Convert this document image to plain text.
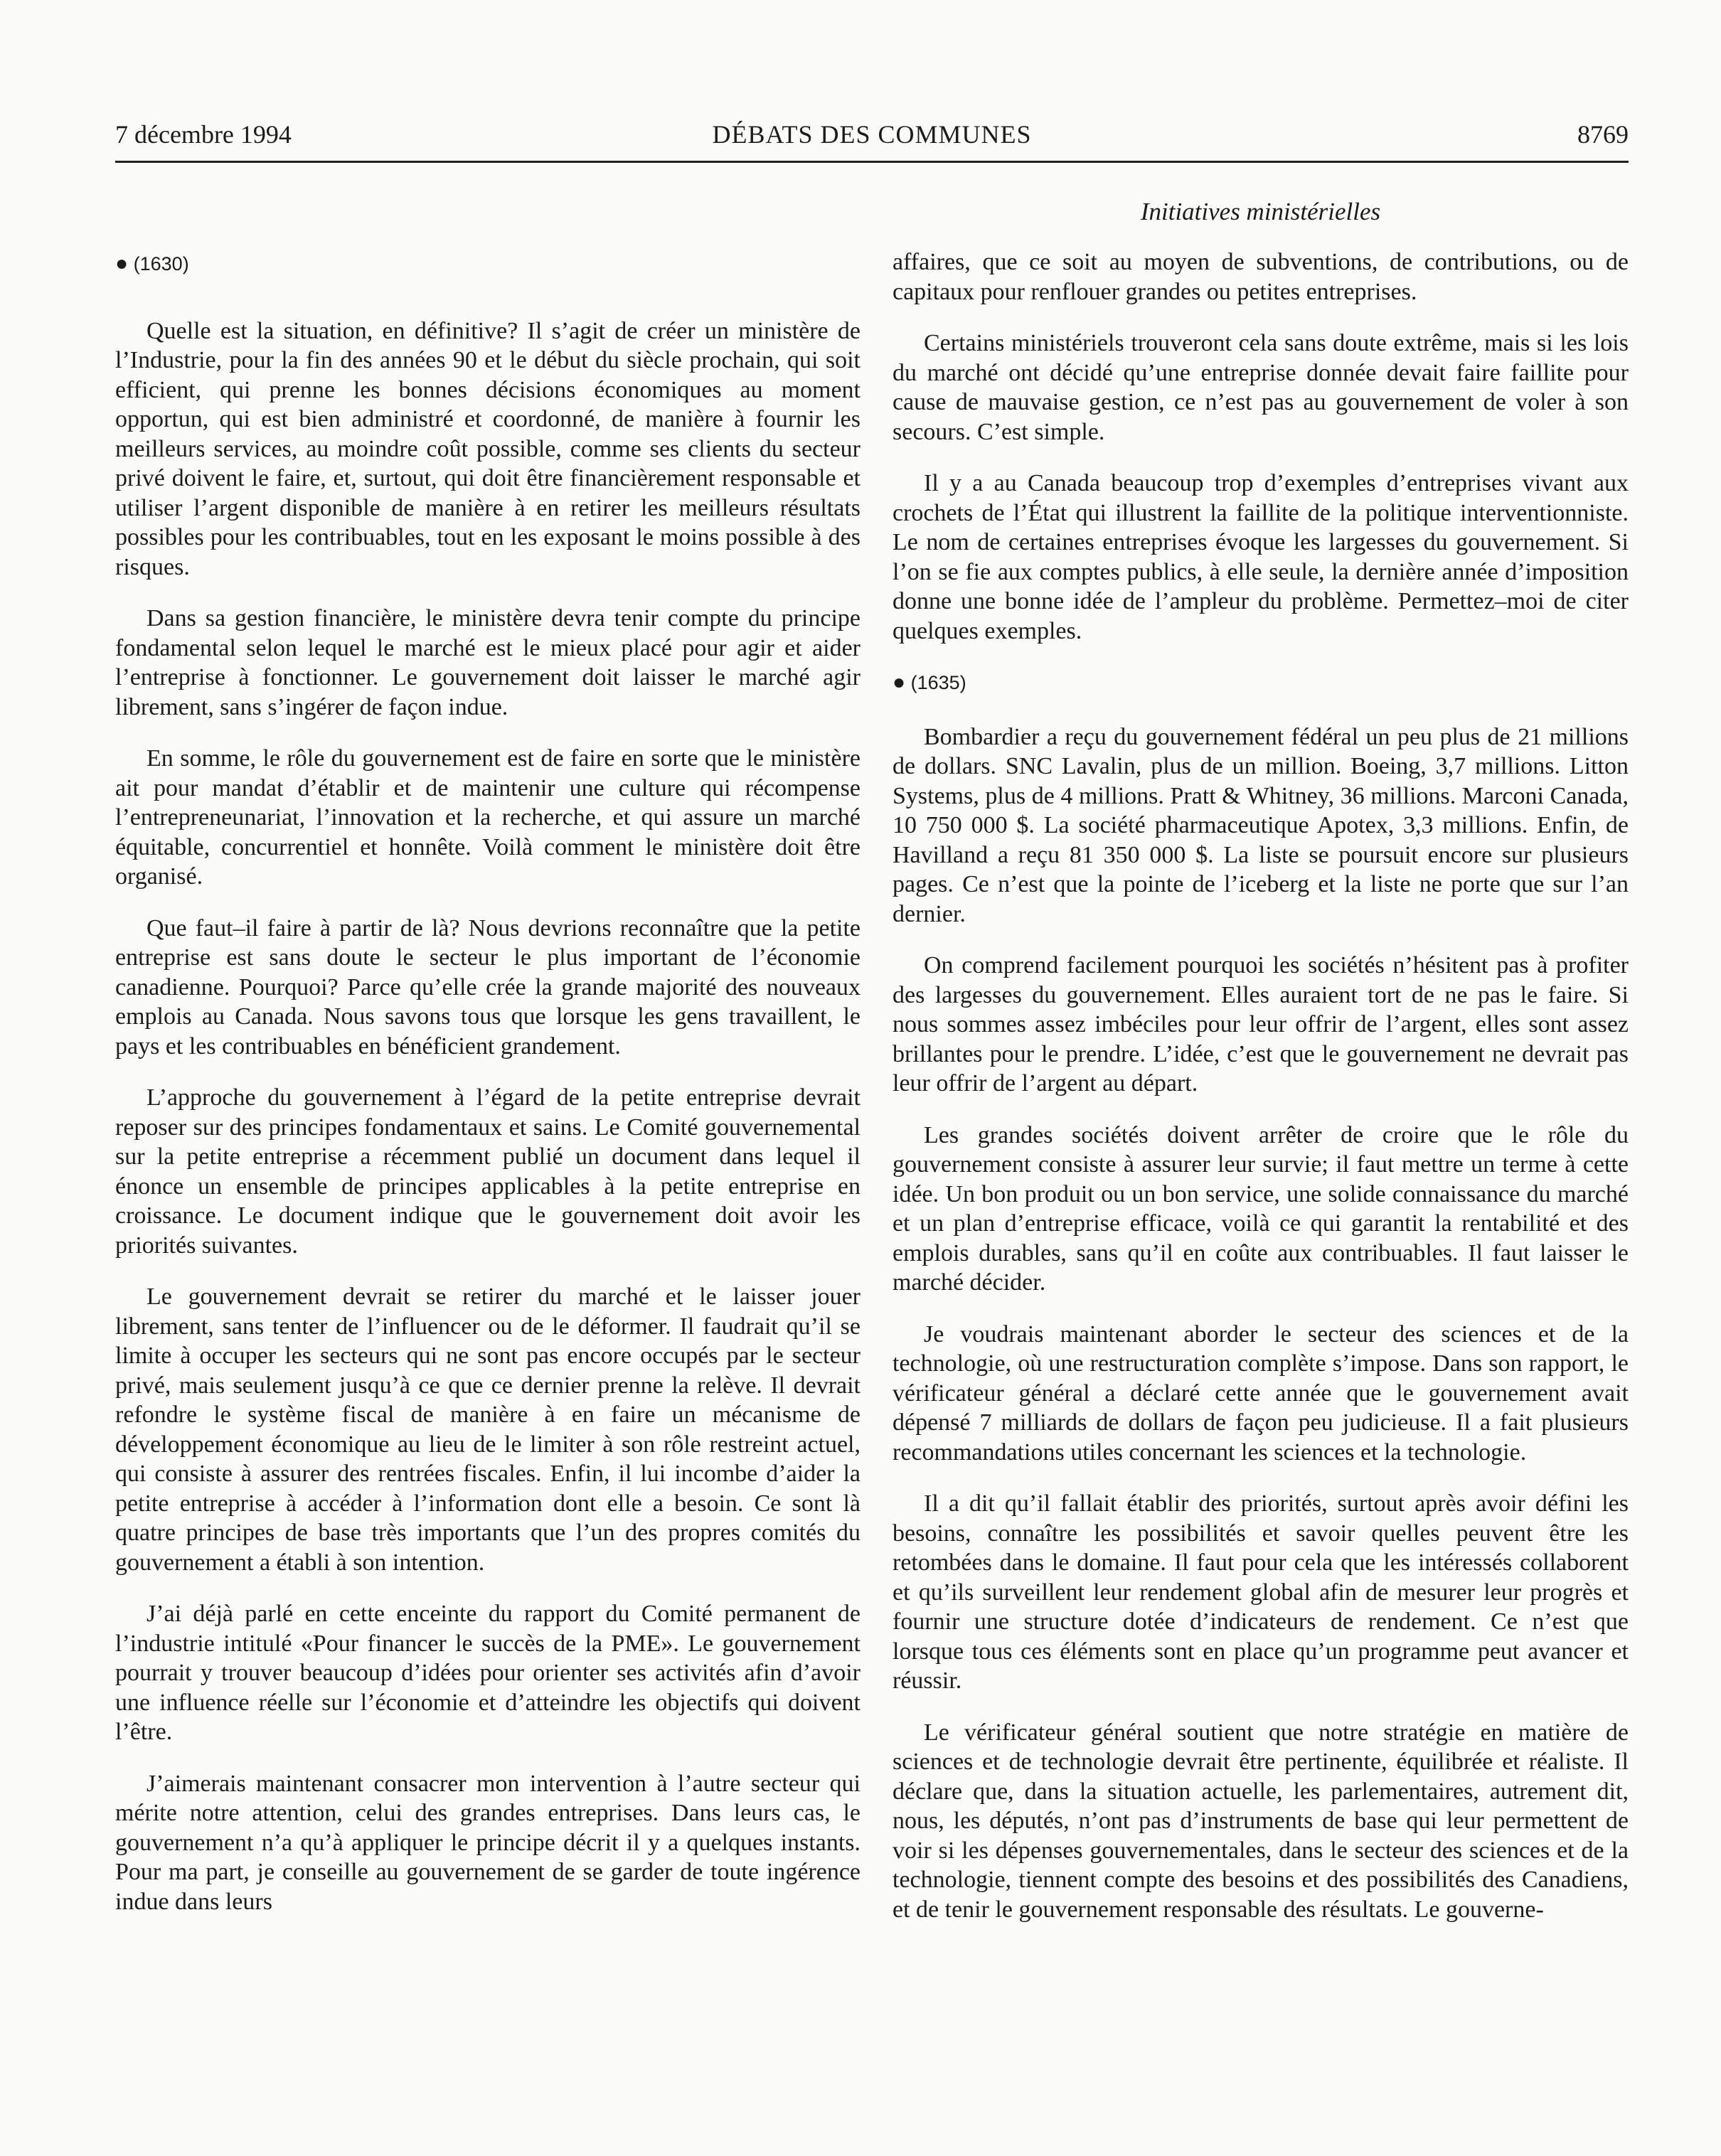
7 décembre 1994	DÉBATS DES COMMUNES	8769
Initiatives ministérielles
● (1630)

Quelle est la situation, en définitive? Il s’agit de créer un ministère de l’Industrie, pour la fin des années 90 et le début du siècle prochain, qui soit efficient, qui prenne les bonnes décisions économiques au moment opportun, qui est bien administré et coordonné, de manière à fournir les meilleurs services, au moindre coût possible, comme ses clients du secteur privé doivent le faire, et, surtout, qui doit être financièrement responsable et utiliser l’argent disponible de manière à en retirer les meilleurs résultats possibles pour les contribuables, tout en les exposant le moins possible à des risques.

Dans sa gestion financière, le ministère devra tenir compte du principe fondamental selon lequel le marché est le mieux placé pour agir et aider l’entreprise à fonctionner. Le gouvernement doit laisser le marché agir librement, sans s’ingérer de façon indue.

En somme, le rôle du gouvernement est de faire en sorte que le ministère ait pour mandat d’établir et de maintenir une culture qui récompense l’entrepreneunariat, l’innovation et la recherche, et qui assure un marché équitable, concurrentiel et honnête. Voilà comment le ministère doit être organisé.

Que faut–il faire à partir de là? Nous devrions reconnaître que la petite entreprise est sans doute le secteur le plus important de l’économie canadienne. Pourquoi? Parce qu’elle crée la grande majorité des nouveaux emplois au Canada. Nous savons tous que lorsque les gens travaillent, le pays et les contribuables en bénéficient grandement.

L’approche du gouvernement à l’égard de la petite entreprise devrait reposer sur des principes fondamentaux et sains. Le Comité gouvernemental sur la petite entreprise a récemment publié un document dans lequel il énonce un ensemble de principes applicables à la petite entreprise en croissance. Le document indique que le gouvernement doit avoir les priorités suivantes.

Le gouvernement devrait se retirer du marché et le laisser jouer librement, sans tenter de l’influencer ou de le déformer. Il faudrait qu’il se limite à occuper les secteurs qui ne sont pas encore occupés par le secteur privé, mais seulement jusqu’à ce que ce dernier prenne la relève. Il devrait refondre le système fiscal de manière à en faire un mécanisme de développement économique au lieu de le limiter à son rôle restreint actuel, qui consiste à assurer des rentrées fiscales. Enfin, il lui incombe d’aider la petite entreprise à accéder à l’information dont elle a besoin. Ce sont là quatre principes de base très importants que l’un des propres comités du gouvernement a établi à son intention.

J’ai déjà parlé en cette enceinte du rapport du Comité permanent de l’industrie intitulé «Pour financer le succès de la PME». Le gouvernement pourrait y trouver beaucoup d’idées pour orienter ses activités afin d’avoir une influence réelle sur l’économie et d’atteindre les objectifs qui doivent l’être.

J’aimerais maintenant consacrer mon intervention à l’autre secteur qui mérite notre attention, celui des grandes entreprises. Dans leurs cas, le gouvernement n’a qu’à appliquer le principe décrit il y a quelques instants. Pour ma part, je conseille au gouvernement de se garder de toute ingérence indue dans leurs

affaires, que ce soit au moyen de subventions, de contributions, ou de capitaux pour renflouer grandes ou petites entreprises.

Certains ministériels trouveront cela sans doute extrême, mais si les lois du marché ont décidé qu’une entreprise donnée devait faire faillite pour cause de mauvaise gestion, ce n’est pas au gouvernement de voler à son secours. C’est simple.

Il y a au Canada beaucoup trop d’exemples d’entreprises vivant aux crochets de l’État qui illustrent la faillite de la politique interventionniste. Le nom de certaines entreprises évoque les largesses du gouvernement. Si l’on se fie aux comptes publics, à elle seule, la dernière année d’imposition donne une bonne idée de l’ampleur du problème. Permettez–moi de citer quelques exemples.

● (1635)

Bombardier a reçu du gouvernement fédéral un peu plus de 21 millions de dollars. SNC Lavalin, plus de un million. Boeing, 3,7 millions. Litton Systems, plus de 4 millions. Pratt & Whitney, 36 millions. Marconi Canada, 10 750 000 $. La société pharmaceutique Apotex, 3,3 millions. Enfin, de Havilland a reçu 81 350 000 $. La liste se poursuit encore sur plusieurs pages. Ce n’est que la pointe de l’iceberg et la liste ne porte que sur l’an dernier.

On comprend facilement pourquoi les sociétés n’hésitent pas à profiter des largesses du gouvernement. Elles auraient tort de ne pas le faire. Si nous sommes assez imbéciles pour leur offrir de l’argent, elles sont assez brillantes pour le prendre. L’idée, c’est que le gouvernement ne devrait pas leur offrir de l’argent au départ.

Les grandes sociétés doivent arrêter de croire que le rôle du gouvernement consiste à assurer leur survie; il faut mettre un terme à cette idée. Un bon produit ou un bon service, une solide connaissance du marché et un plan d’entreprise efficace, voilà ce qui garantit la rentabilité et des emplois durables, sans qu’il en coûte aux contribuables. Il faut laisser le marché décider.

Je voudrais maintenant aborder le secteur des sciences et de la technologie, où une restructuration complète s’impose. Dans son rapport, le vérificateur général a déclaré cette année que le gouvernement avait dépensé 7 milliards de dollars de façon peu judicieuse. Il a fait plusieurs recommandations utiles concernant les sciences et la technologie.

Il a dit qu’il fallait établir des priorités, surtout après avoir défini les besoins, connaître les possibilités et savoir quelles peuvent être les retombées dans le domaine. Il faut pour cela que les intéressés collaborent et qu’ils surveillent leur rendement global afin de mesurer leur progrès et fournir une structure dotée d’indicateurs de rendement. Ce n’est que lorsque tous ces éléments sont en place qu’un programme peut avancer et réussir.

Le vérificateur général soutient que notre stratégie en matière de sciences et de technologie devrait être pertinente, équilibrée et réaliste. Il déclare que, dans la situation actuelle, les parlementaires, autrement dit, nous, les députés, n’ont pas d’instruments de base qui leur permettent de voir si les dépenses gouvernementales, dans le secteur des sciences et de la technologie, tiennent compte des besoins et des possibilités des Canadiens, et de tenir le gouvernement responsable des résultats. Le gouverne-
